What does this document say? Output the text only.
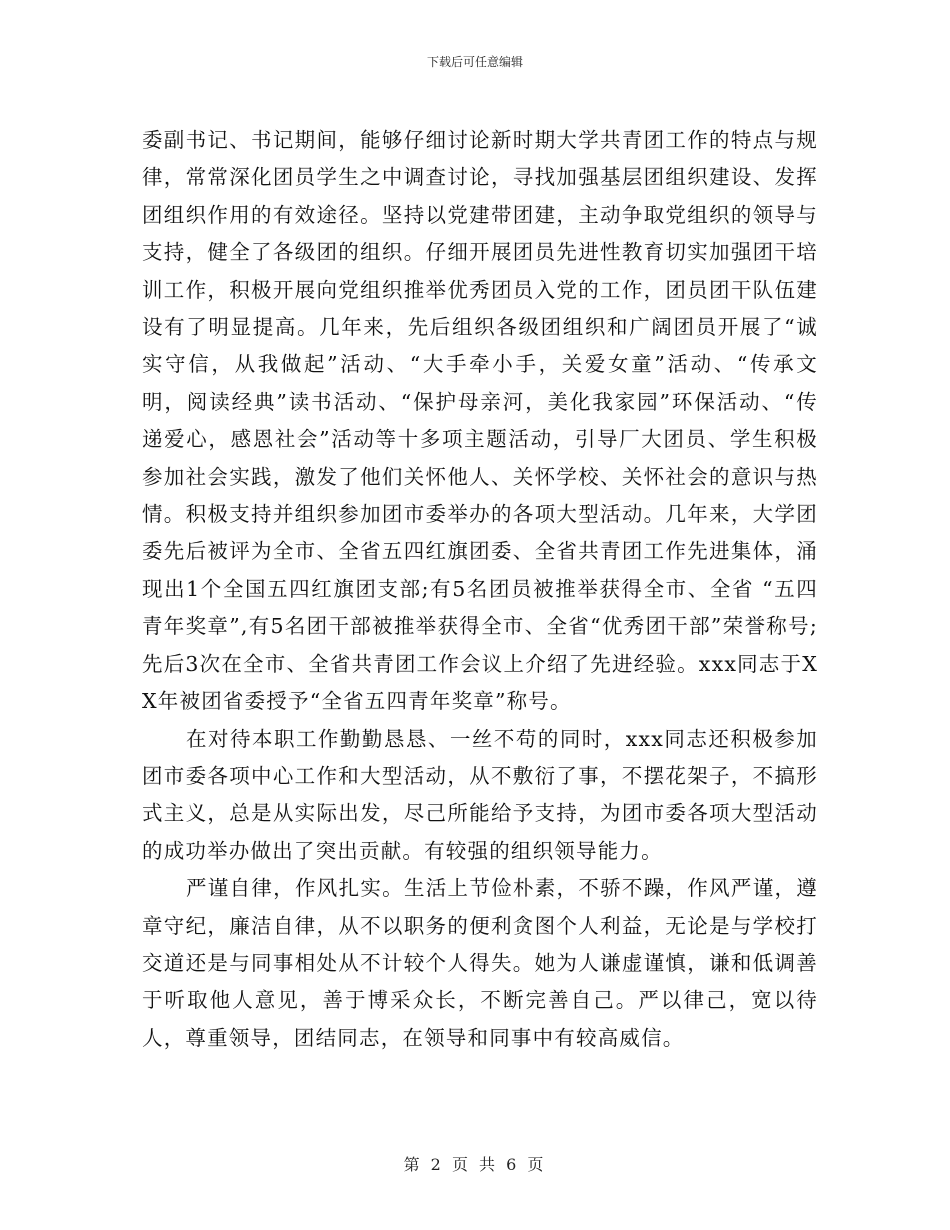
下载后可任意编辑

委副书记、书记期间，能够仔细讨论新时期大学共青团工作的特点与规律，常常深化团员学生之中调查讨论，寻找加强基层团组织建设、发挥团组织作用的有效途径。坚持以党建带团建，主动争取党组织的领导与支持，健全了各级团的组织。仔细开展团员先进性教育切实加强团干培训工作，积极开展向党组织推举优秀团员入党的工作，团员团干队伍建设有了明显提高。几年来，先后组织各级团组织和广阔团员开展了“诚实守信，从我做起”活动、“大手牵小手，关爱女童”活动、“传承文明，阅读经典”读书活动、“保护母亲河，美化我家园”环保活动、“传递爱心，感恩社会”活动等十多项主题活动，引导厂大团员、学生积极参加社会实践，激发了他们关怀他人、关怀学校、关怀社会的意识与热情。积极支持并组织参加团市委举办的各项大型活动。几年来，大学团委先后被评为全市、全省五四红旗团委、全省共青团工作先进集体，涌现出1个全国五四红旗团支部;有5名团员被推举获得全市、全省 “五四青年奖章”,有5名团干部被推举获得全市、全省“优秀团干部”荣誉称号;先后3次在全市、全省共青团工作会议上介绍了先进经验。xxx同志于XX年被团省委授予“全省五四青年奖章”称号。

在对待本职工作勤勤恳恳、一丝不苟的同时，xxx同志还积极参加团市委各项中心工作和大型活动，从不敷衍了事，不摆花架子，不搞形式主义，总是从实际出发，尽己所能给予支持，为团市委各项大型活动的成功举办做出了突出贡献。有较强的组织领导能力。

严谨自律，作风扎实。生活上节俭朴素，不骄不躁，作风严谨，遵章守纪，廉洁自律，从不以职务的便利贪图个人利益，无论是与学校打交道还是与同事相处从不计较个人得失。她为人谦虚谨慎，谦和低调善于听取他人意见，善于博采众长，不断完善自己。严以律己，宽以待人，尊重领导，团结同志，在领导和同事中有较高威信。

第 2 页 共 6 页
